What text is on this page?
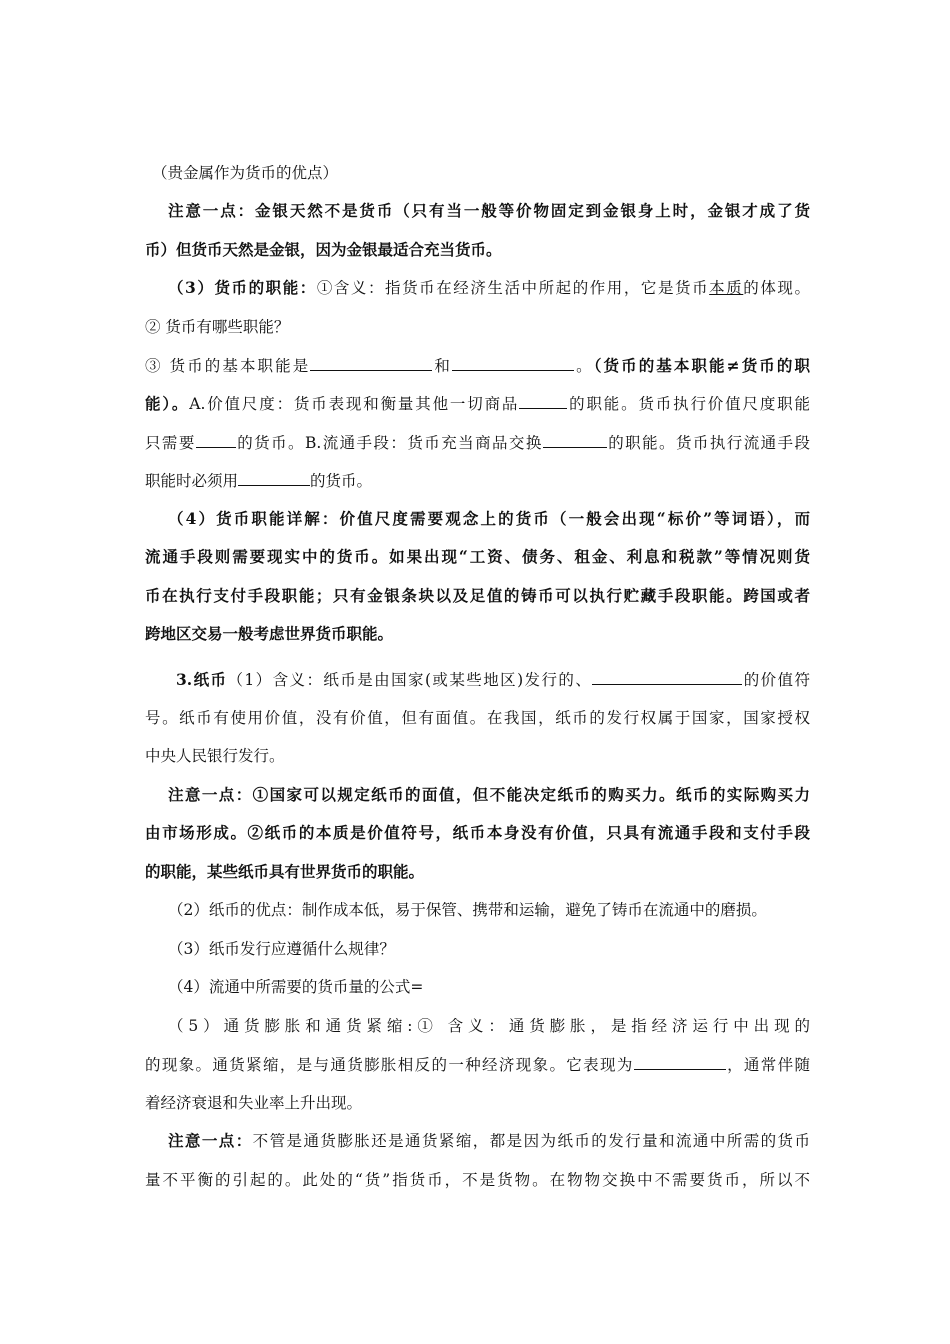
（贵金属作为货币的优点）
注意一点：金银天然不是货币（只有当一般等价物固定到金银身上时，金银才成了货
币）但货币天然是金银，因为金银最适合充当货币。
（3）货币的职能：①含义：指货币在经济生活中所起的作用，它是货币本质的体现。
② 货币有哪些职能？
③ 货币的基本职能是	和	。（货币的基本职能≠货币的职
能）。A.价值尺度：货币表现和衡量其他一切商品	的职能。货币执行价值尺度职能
只需要	的货币。B.流通手段：货币充当商品交换	的职能。货币执行流通手段
职能时必须用	的货币。
（4）货币职能详解：价值尺度需要观念上的货币（一般会出现“标价”等词语），而
流通手段则需要现实中的货币。如果出现“工资、债务、租金、利息和税款”等情况则货
币在执行支付手段职能；只有金银条块以及足值的铸币可以执行贮藏手段职能。跨国或者
跨地区交易一般考虑世界货币职能。
3.纸币（1）含义：纸币是由国家(或某些地区)发行的、	的价值符
号。纸币有使用价值，没有价值，但有面值。在我国，纸币的发行权属于国家，国家授权
中央人民银行发行。
注意一点：①国家可以规定纸币的面值，但不能决定纸币的购买力。纸币的实际购买力
由市场形成。②纸币的本质是价值符号，纸币本身没有价值，只具有流通手段和支付手段
的职能，某些纸币具有世界货币的职能。
（2）纸币的优点：制作成本低，易于保管、携带和运输，避免了铸币在流通中的磨损。
（3）纸币发行应遵循什么规律？
（4）流通中所需要的货币量的公式=
（5）通货膨胀和通货紧缩:① 含义：通货膨胀，是指经济运行中出现的
的现象。通货紧缩，是与通货膨胀相反的一种经济现象。它表现为	，通常伴随
着经济衰退和失业率上升出现。
注意一点：不管是通货膨胀还是通货紧缩，都是因为纸币的发行量和流通中所需的货币
量不平衡的引起的。此处的“货”指货币，不是货物。在物物交换中不需要货币，所以不
